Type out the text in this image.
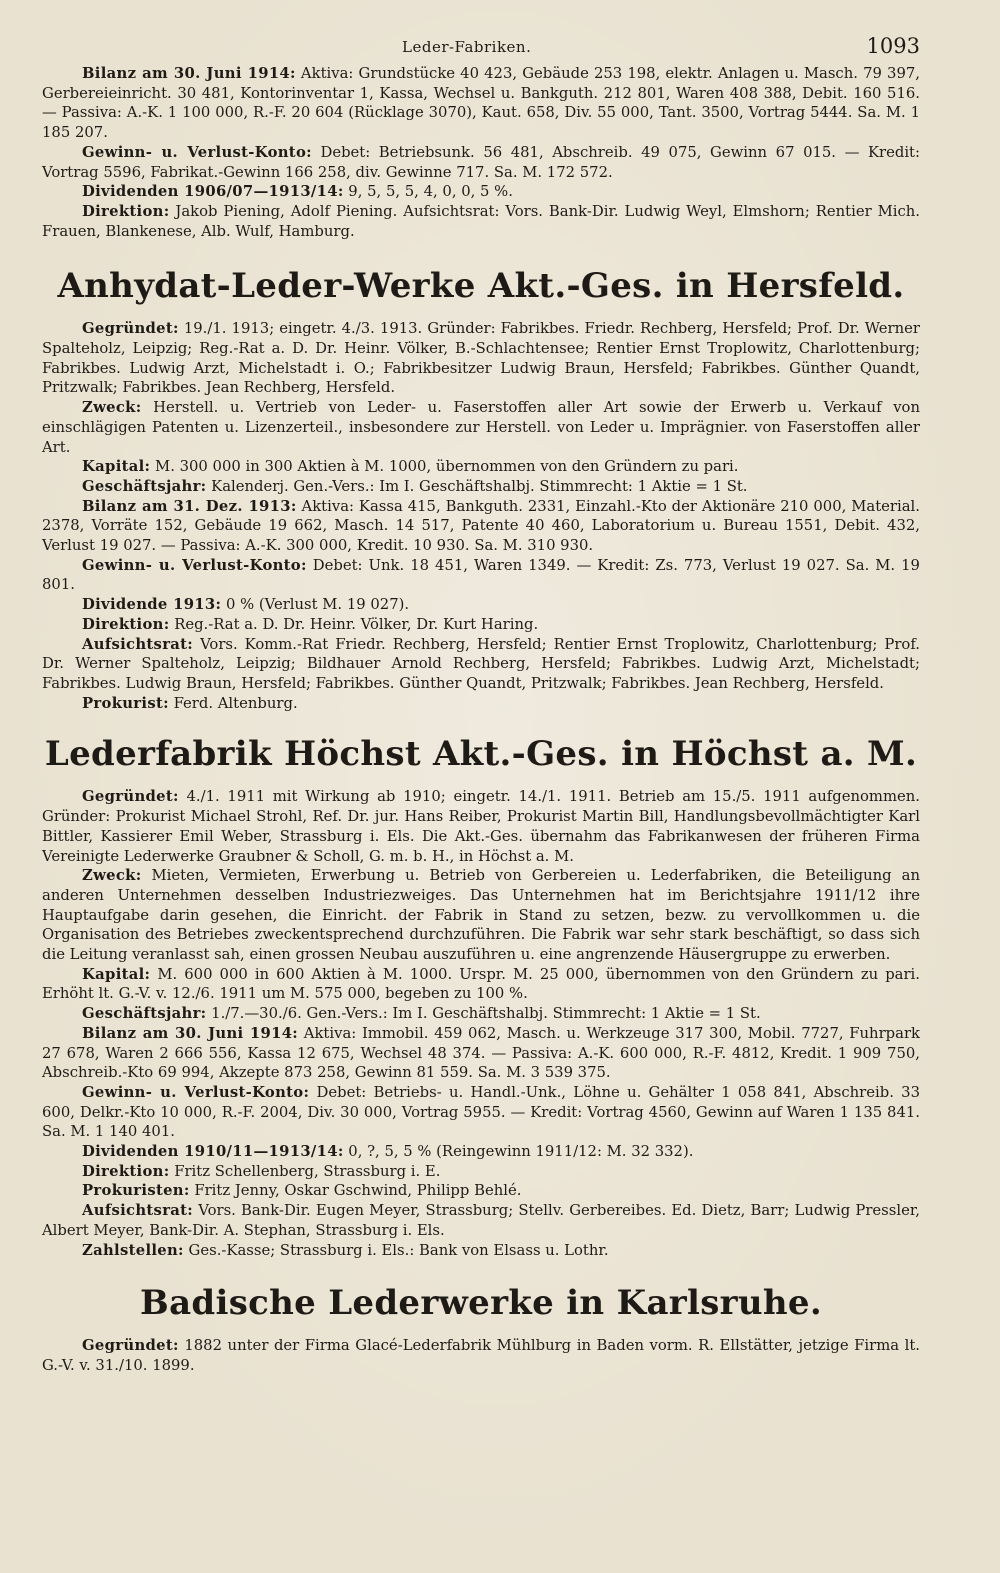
Leder-Fabriken.	1093

Bilanz am 30. Juni 1914: Aktiva: Grundstücke 40 423, Gebäude 253 198, elektr. Anlagen u. Masch. 79 397, Gerbereieinricht. 30 481, Kontorinventar 1, Kassa, Wechsel u. Bankguth. 212 801, Waren 408 388, Debit. 160 516. — Passiva: A.-K. 1 100 000, R.-F. 20 604 (Rücklage 3070), Kaut. 658, Div. 55 000, Tant. 3500, Vortrag 5444. Sa. M. 1 185 207.

Gewinn- u. Verlust-Konto: Debet: Betriebsunk. 56 481, Abschreib. 49 075, Gewinn 67 015. — Kredit: Vortrag 5596, Fabrikat.-Gewinn 166 258, div. Gewinne 717. Sa. M. 172 572.

Dividenden 1906/07—1913/14: 9, 5, 5, 5, 4, 0, 0, 5 %.

Direktion: Jakob Piening, Adolf Piening. Aufsichtsrat: Vors. Bank-Dir. Ludwig Weyl, Elmshorn; Rentier Mich. Frauen, Blankenese, Alb. Wulf, Hamburg.

Anhydat-Leder-Werke Akt.-Ges. in Hersfeld.

Gegründet: 19./1. 1913; eingetr. 4./3. 1913. Gründer: Fabrikbes. Friedr. Rechberg, Hersfeld; Prof. Dr. Werner Spalteholz, Leipzig; Reg.-Rat a. D. Dr. Heinr. Völker, B.-Schlachtensee; Rentier Ernst Troplowitz, Charlottenburg; Fabrikbes. Ludwig Arzt, Michelstadt i. O.; Fabrikbesitzer Ludwig Braun, Hersfeld; Fabrikbes. Günther Quandt, Pritzwalk; Fabrikbes. Jean Rechberg, Hersfeld.

Zweck: Herstell. u. Vertrieb von Leder- u. Faserstoffen aller Art sowie der Erwerb u. Verkauf von einschlägigen Patenten u. Lizenzerteil., insbesondere zur Herstell. von Leder u. Imprägnier. von Faserstoffen aller Art.

Kapital: M. 300 000 in 300 Aktien à M. 1000, übernommen von den Gründern zu pari.

Geschäftsjahr: Kalenderj. Gen.-Vers.: Im I. Geschäftshalbj. Stimmrecht: 1 Aktie = 1 St.

Bilanz am 31. Dez. 1913: Aktiva: Kassa 415, Bankguth. 2331, Einzahl.-Kto der Aktionäre 210 000, Material. 2378, Vorräte 152, Gebäude 19 662, Masch. 14 517, Patente 40 460, Laboratorium u. Bureau 1551, Debit. 432, Verlust 19 027. — Passiva: A.-K. 300 000, Kredit. 10 930. Sa. M. 310 930.

Gewinn- u. Verlust-Konto: Debet: Unk. 18 451, Waren 1349. — Kredit: Zs. 773, Verlust 19 027. Sa. M. 19 801.

Dividende 1913: 0 % (Verlust M. 19 027).

Direktion: Reg.-Rat a. D. Dr. Heinr. Völker, Dr. Kurt Haring.

Aufsichtsrat: Vors. Komm.-Rat Friedr. Rechberg, Hersfeld; Rentier Ernst Troplowitz, Charlottenburg; Prof. Dr. Werner Spalteholz, Leipzig; Bildhauer Arnold Rechberg, Hersfeld; Fabrikbes. Ludwig Arzt, Michelstadt; Fabrikbes. Ludwig Braun, Hersfeld; Fabrikbes. Günther Quandt, Pritzwalk; Fabrikbes. Jean Rechberg, Hersfeld.

Prokurist: Ferd. Altenburg.

Lederfabrik Höchst Akt.-Ges. in Höchst a. M.

Gegründet: 4./1. 1911 mit Wirkung ab 1910; eingetr. 14./1. 1911. Betrieb am 15./5. 1911 aufgenommen. Gründer: Prokurist Michael Strohl, Ref. Dr. jur. Hans Reiber, Prokurist Martin Bill, Handlungsbevollmächtigter Karl Bittler, Kassierer Emil Weber, Strassburg i. Els. Die Akt.-Ges. übernahm das Fabrikanwesen der früheren Firma Vereinigte Lederwerke Graubner & Scholl, G. m. b. H., in Höchst a. M.

Zweck: Mieten, Vermieten, Erwerbung u. Betrieb von Gerbereien u. Lederfabriken, die Beteiligung an anderen Unternehmen desselben Industriezweiges. Das Unternehmen hat im Berichtsjahre 1911/12 ihre Hauptaufgabe darin gesehen, die Einricht. der Fabrik in Stand zu setzen, bezw. zu vervollkommen u. die Organisation des Betriebes zweckentsprechend durchzuführen. Die Fabrik war sehr stark beschäftigt, so dass sich die Leitung veranlasst sah, einen grossen Neubau auszuführen u. eine angrenzende Häusergruppe zu erwerben.

Kapital: M. 600 000 in 600 Aktien à M. 1000. Urspr. M. 25 000, übernommen von den Gründern zu pari. Erhöht lt. G.-V. v. 12./6. 1911 um M. 575 000, begeben zu 100 %.

Geschäftsjahr: 1./7.—30./6. Gen.-Vers.: Im I. Geschäftshalbj. Stimmrecht: 1 Aktie = 1 St.

Bilanz am 30. Juni 1914: Aktiva: Immobil. 459 062, Masch. u. Werkzeuge 317 300, Mobil. 7727, Fuhrpark 27 678, Waren 2 666 556, Kassa 12 675, Wechsel 48 374. — Passiva: A.-K. 600 000, R.-F. 4812, Kredit. 1 909 750, Abschreib.-Kto 69 994, Akzepte 873 258, Gewinn 81 559. Sa. M. 3 539 375.

Gewinn- u. Verlust-Konto: Debet: Betriebs- u. Handl.-Unk., Löhne u. Gehälter 1 058 841, Abschreib. 33 600, Delkr.-Kto 10 000, R.-F. 2004, Div. 30 000, Vortrag 5955. — Kredit: Vortrag 4560, Gewinn auf Waren 1 135 841. Sa. M. 1 140 401.

Dividenden 1910/11—1913/14: 0, ?, 5, 5 % (Reingewinn 1911/12: M. 32 332).

Direktion: Fritz Schellenberg, Strassburg i. E.

Prokuristen: Fritz Jenny, Oskar Gschwind, Philipp Behlé.

Aufsichtsrat: Vors. Bank-Dir. Eugen Meyer, Strassburg; Stellv. Gerbereibes. Ed. Dietz, Barr; Ludwig Pressler, Albert Meyer, Bank-Dir. A. Stephan, Strassburg i. Els.

Zahlstellen: Ges.-Kasse; Strassburg i. Els.: Bank von Elsass u. Lothr.

Badische Lederwerke in Karlsruhe.

Gegründet: 1882 unter der Firma Glacé-Lederfabrik Mühlburg in Baden vorm. R. Ellstätter, jetzige Firma lt. G.-V. v. 31./10. 1899.
